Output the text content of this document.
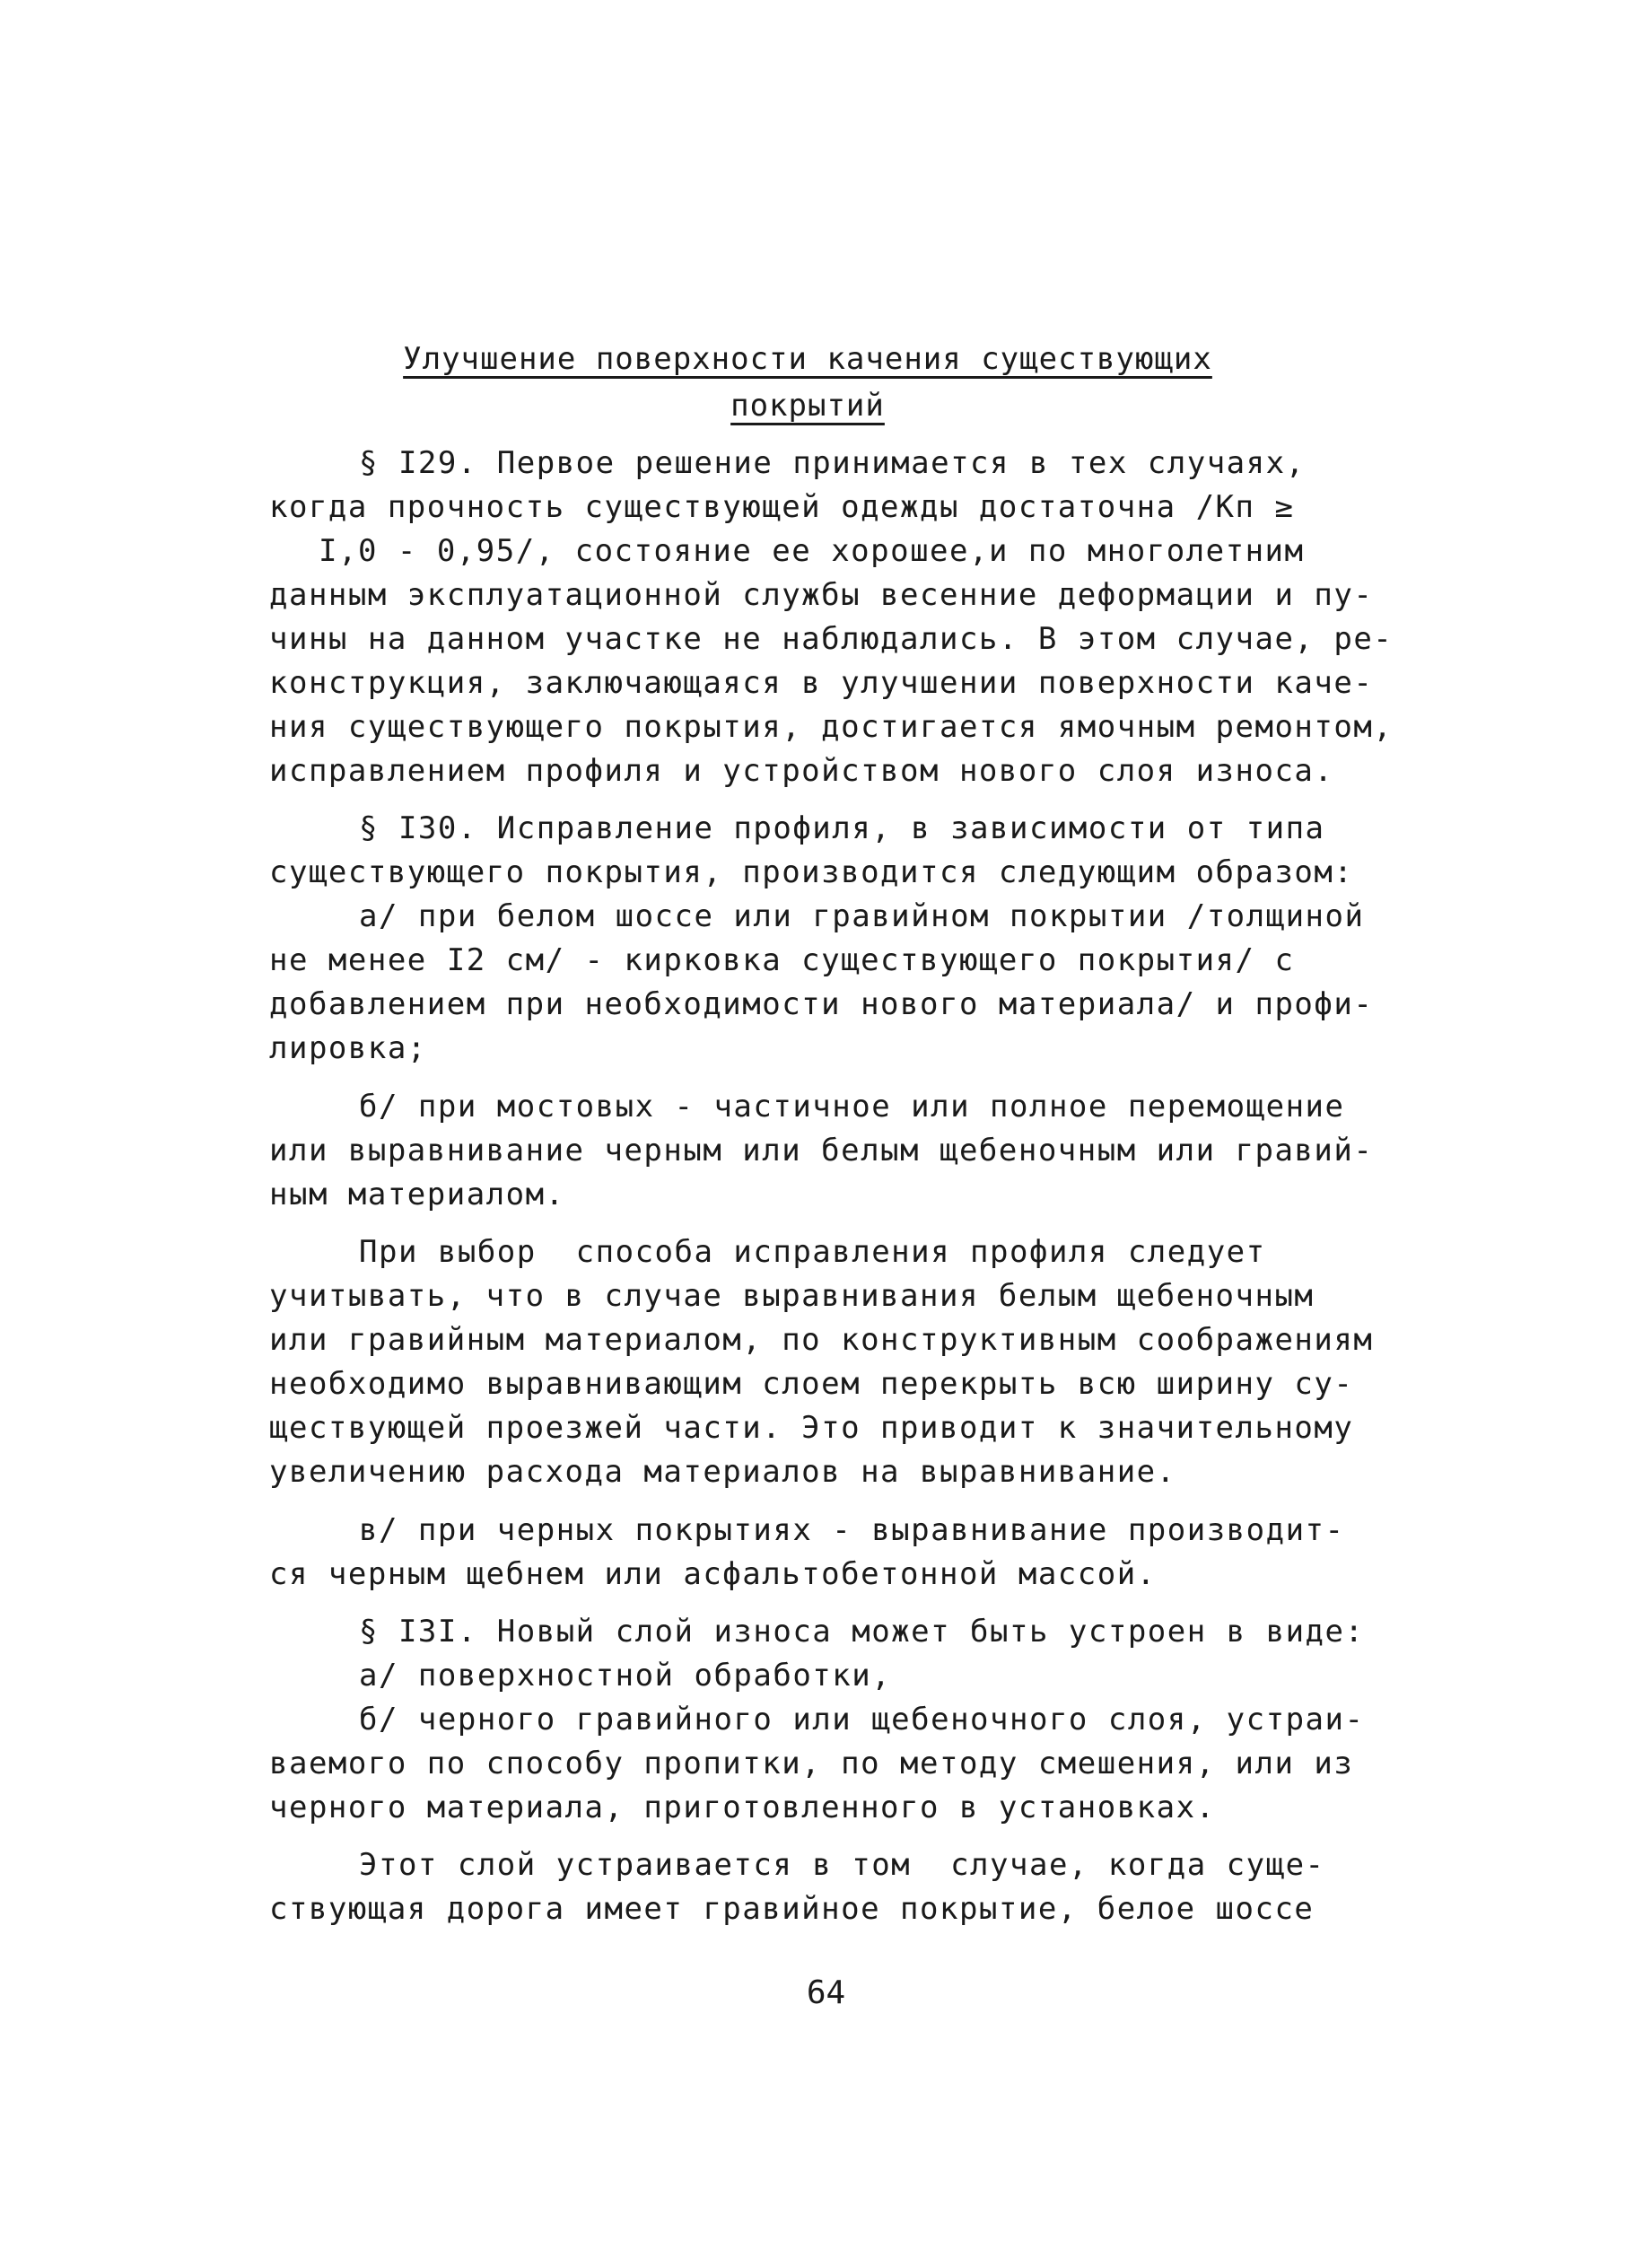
Улучшение поверхности качения существующих
покрытий
§ I29. Первое решение принимается в тех случаях,
когда прочность существующей одежды достаточна /Kп ≥
I,0 - 0,95/, состояние ее хорошее,и по многолетним
данным эксплуатационной службы весенние деформации и пу-
чины на данном участке не наблюдались. В этом случае, ре-
конструкция, заключающаяся в улучшении поверхности каче-
ния существующего покрытия, достигается ямочным ремонтом,
исправлением профиля и устройством нового слоя износа.
§ I30. Исправление профиля, в зависимости от типа
существующего покрытия, производится следующим образом:
а/ при белом шоссе или гравийном покрытии /толщиной
не менее I2 см/ - кирковка существующего покрытия/ с
добавлением при необходимости нового материала/ и профи-
лировка;
б/ при мостовых - частичное или полное перемощение
или выравнивание черным или белым щебеночным или гравий-
ным материалом.
При выбор  способа исправления профиля следует
учитывать, что в случае выравнивания белым щебеночным
или гравийным материалом, по конструктивным соображениям
необходимо выравнивающим слоем перекрыть всю ширину су-
ществующей проезжей части. Это приводит к значительному
увеличению расхода материалов на выравнивание.
в/ при черных покрытиях - выравнивание производит-
ся черным щебнем или асфальтобетонной массой.
§ I3I. Новый слой износа может быть устроен в виде:
а/ поверхностной обработки,
б/ черного гравийного или щебеночного слоя, устраи-
ваемого по способу пропитки, по методу смешения, или из
черного материала, приготовленного в установках.
Этот слой устраивается в том  случае, когда суще-
ствующая дорога имеет гравийное покрытие, белое шоссе
64
